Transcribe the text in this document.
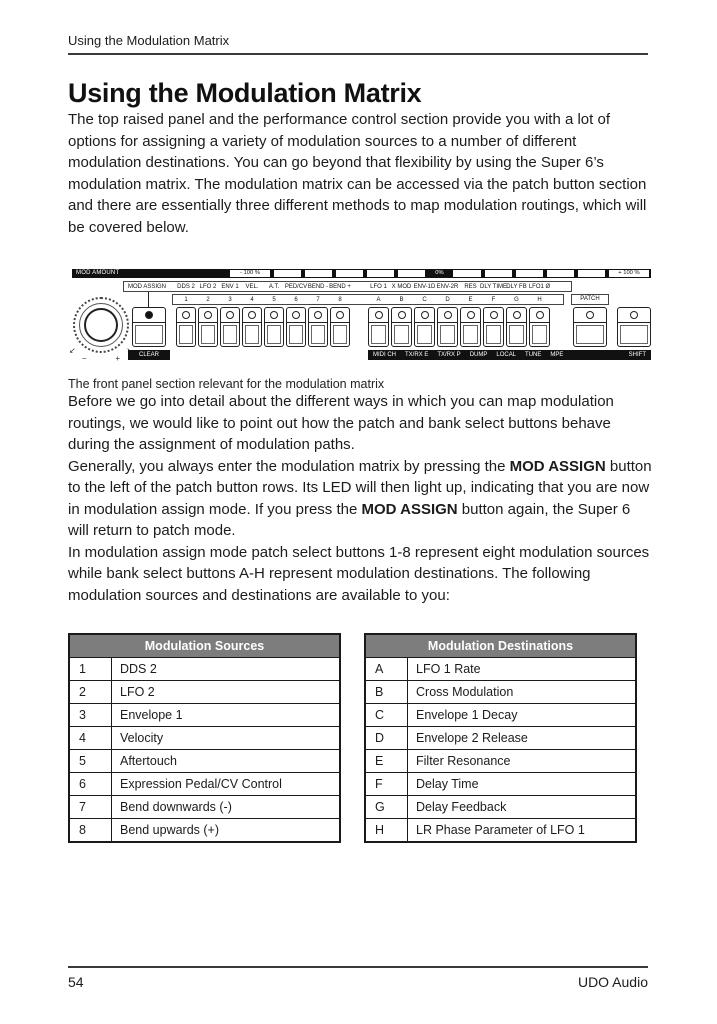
Using the Modulation Matrix
Using the Modulation Matrix

The top raised panel and the performance control section provide you with a lot of options for assigning a variety of modulation sources to a number of different modulation destinations. You can go beyond that flexibility by using the Super 6’s modulation matrix. The modulation matrix can be accessed via the patch button section and there are essentially three different methods to map modulation routings, which will be covered below.

MOD AMOUNT	- 100 %	0%	+ 100 %
MOD ASSIGN	DDS 2 LFO 2 ENV 1	VEL.	A.T. PED/CV BEND - BEND +	LFO 1 X MOD ENV-1D ENV-2R RES DLY TIME DLY FB LFO1 Ø
1	2	3	4	5	6	7	8	A	B	C	D	E	F	G	H	PATCH
↙
−	+	CLEAR	MIDI CH TX/RX E TX/RX P DUMP LOCAL TUNE MPE	SHIFT
The front panel section relevant for the modulation matrix

Before we go into detail about the different ways in which you can map modulation routings, we would like to point out how the patch and bank select buttons behave during the assignment of modulation paths.

Generally, you always enter the modulation matrix by pressing the MOD ASSIGN button to the left of the patch button rows. Its LED will then light up, indicating that you are now in modulation assign mode. If you press the MOD ASSIGN button again, the Super 6 will return to patch mode.

In modulation assign mode patch select buttons 1-8 represent eight modulation sources while bank select buttons A-H represent modulation destinations. The following modulation sources and destinations are available to you:

Modulation Sources	
1	DDS 2
2	LFO 2
3	Envelope 1
4	Velocity
5	Aftertouch
6	Expression Pedal/CV Control
7	Bend downwards (-)
8	Bend upwards (+)
Modulation Destinations	
A	LFO 1 Rate
B	Cross Modulation
C	Envelope 1 Decay
D	Envelope 2 Release
E	Filter Resonance
F	Delay Time
G	Delay Feedback
H	LR Phase Parameter of LFO 1
54	UDO Audio
